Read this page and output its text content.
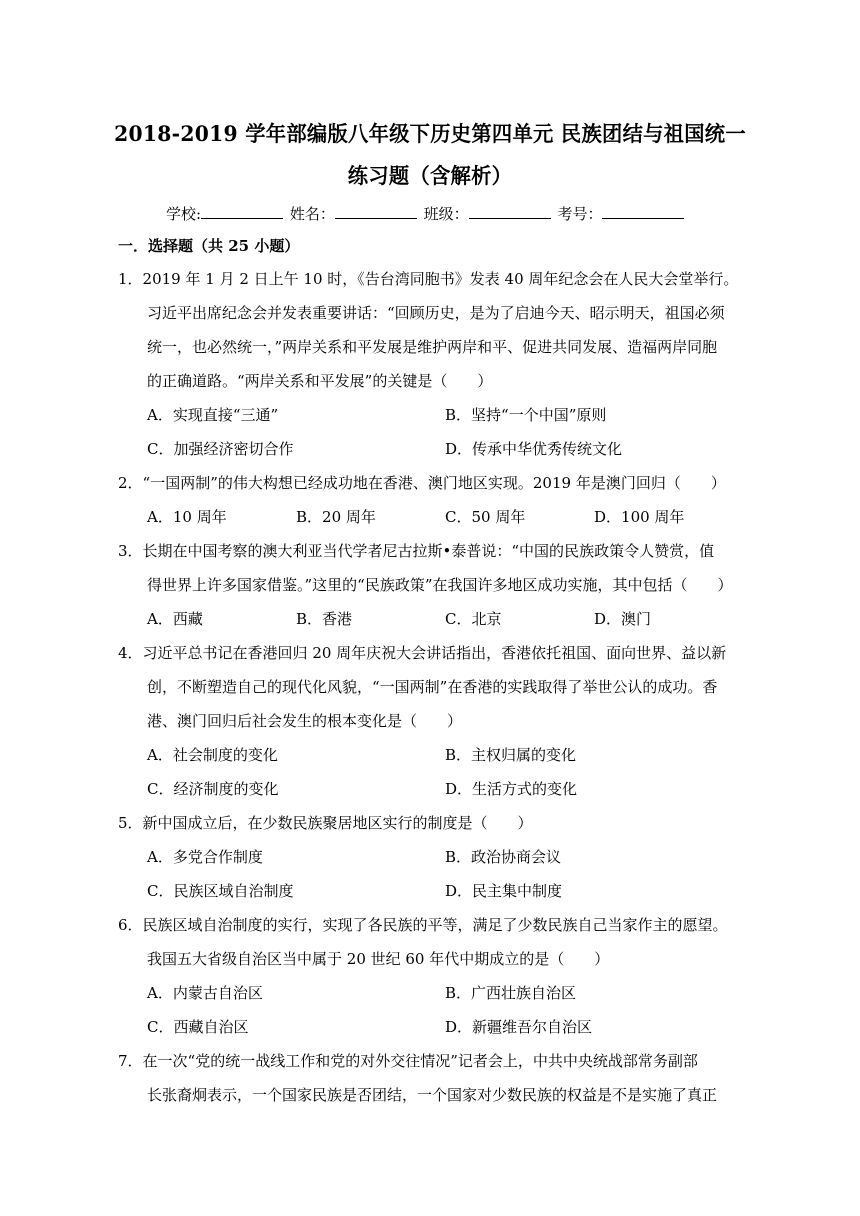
2018-2019 学年部编版八年级下历史第四单元 民族团结与祖国统一
练习题（含解析）
学校:	姓名：	班级：	考号：
一．选择题（共 25 小题）
1．2019 年 1 月 2 日上午 10 时，《告台湾同胞书》发表 40 周年纪念会在人民大会堂举行。
习近平出席纪念会并发表重要讲话：“回顾历史，是为了启迪今天、昭示明天，祖国必须
统一，也必然统一，”两岸关系和平发展是维护两岸和平、促进共同发展、造福两岸同胞
的正确道路。“两岸关系和平发展”的关键是（　　）
A．实现直接“三通”	B．坚持“一个中国”原则
C．加强经济密切合作	D．传承中华优秀传统文化
2．“一国两制”的伟大构想已经成功地在香港、澳门地区实现。2019 年是澳门回归（　　）
A．10 周年	B．20 周年	C．50 周年	D．100 周年
3．长期在中国考察的澳大利亚当代学者尼古拉斯•泰普说：“中国的民族政策令人赞赏，值
得世界上许多国家借鉴。”这里的“民族政策”在我国许多地区成功实施，其中包括（　　）
A．西藏	B．香港	C．北京	D．澳门
4．习近平总书记在香港回归 20 周年庆祝大会讲话指出，香港依托祖国、面向世界、益以新
创，不断塑造自己的现代化风貌，“一国两制”在香港的实践取得了举世公认的成功。香
港、澳门回归后社会发生的根本变化是（　　）
A．社会制度的变化	B．主权归属的变化
C．经济制度的变化	D．生活方式的变化
5．新中国成立后，在少数民族聚居地区实行的制度是（　　）
A．多党合作制度	B．政治协商会议
C．民族区域自治制度	D．民主集中制度
6．民族区域自治制度的实行，实现了各民族的平等，满足了少数民族自己当家作主的愿望。
我国五大省级自治区当中属于 20 世纪 60 年代中期成立的是（　　）
A．内蒙古自治区	B．广西壮族自治区
C．西藏自治区	D．新疆维吾尔自治区
7．在一次“党的统一战线工作和党的对外交往情况”记者会上，中共中央统战部常务副部
长张裔炯表示，一个国家民族是否团结，一个国家对少数民族的权益是不是实施了真正
